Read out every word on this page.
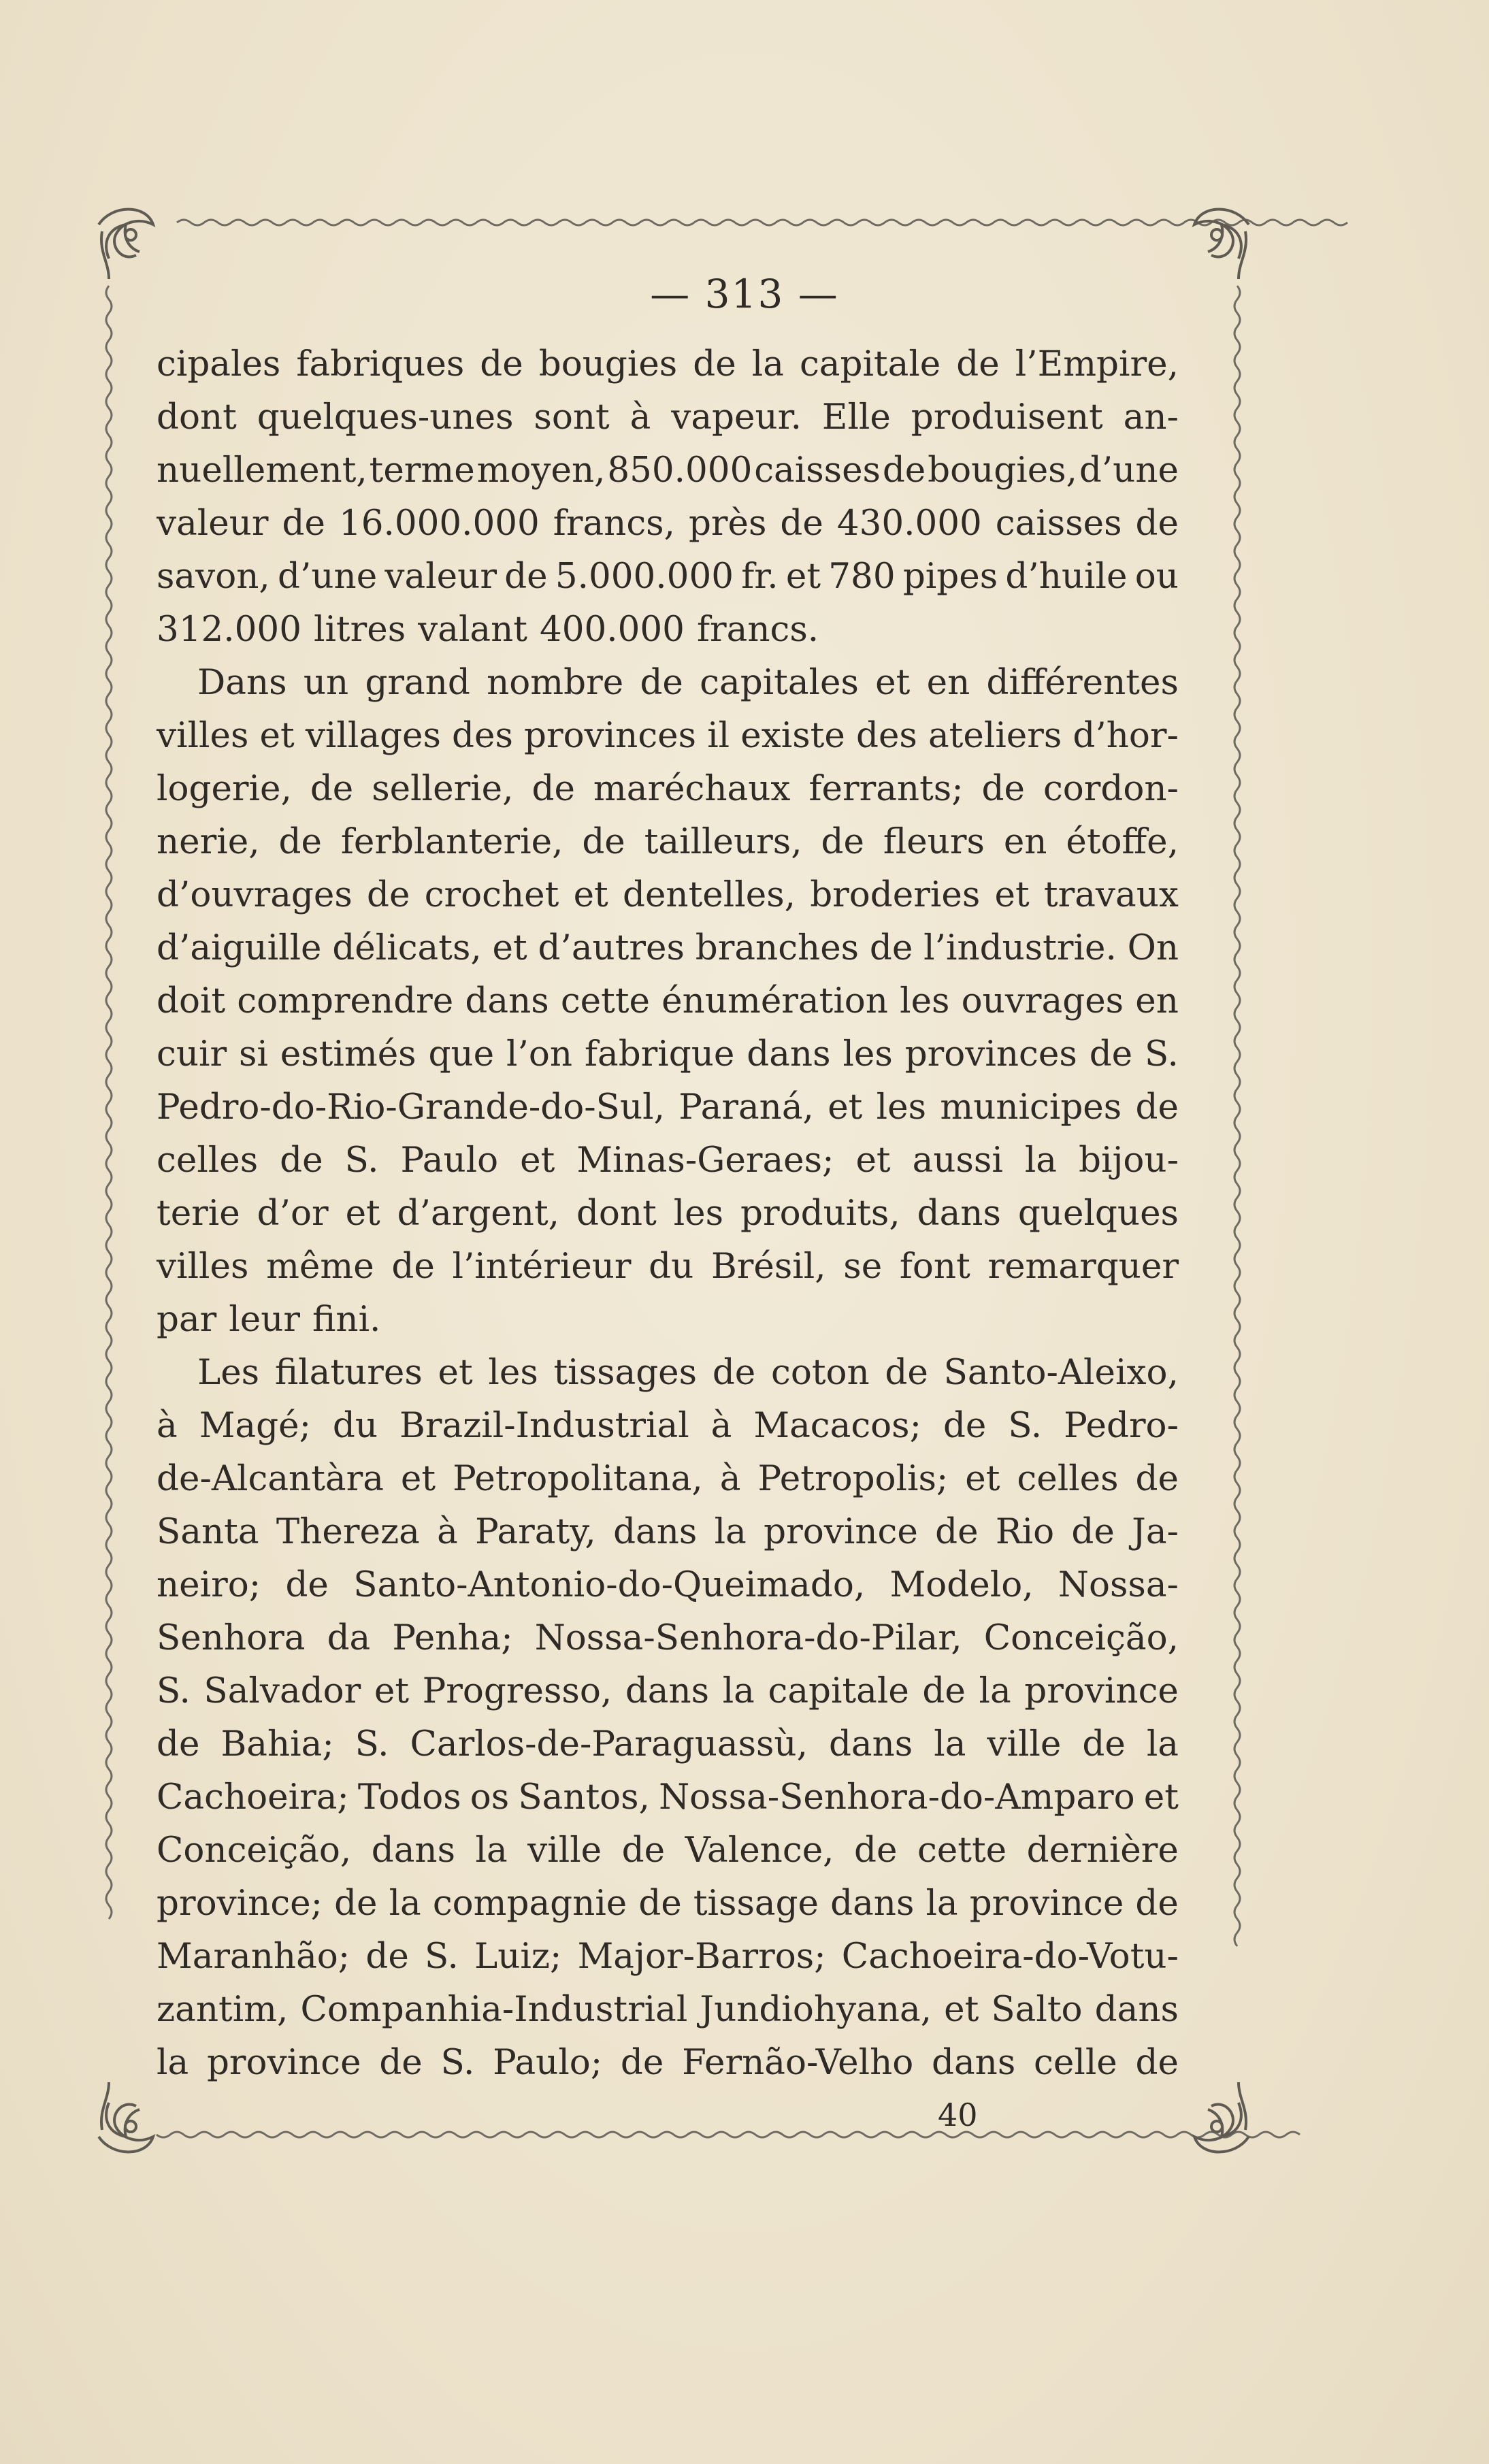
— 313 —
cipales fabriques de bougies de la capitale de l’Empire,
dont quelques-unes sont à vapeur. Elle produisent an-
nuellement, terme moyen, 850.000 caisses de bougies, d’une
valeur de 16.000.000 francs, près de 430.000 caisses de
savon, d’une valeur de 5.000.000 fr. et 780 pipes d’huile ou
312.000 litres valant 400.000 francs.
Dans un grand nombre de capitales et en différentes
villes et villages des provinces il existe des ateliers d’hor-
logerie, de sellerie, de maréchaux ferrants; de cordon-
nerie, de ferblanterie, de tailleurs, de fleurs en étoffe,
d’ouvrages de crochet et dentelles, broderies et travaux
d’aiguille délicats, et d’autres branches de l’industrie. On
doit comprendre dans cette énumération les ouvrages en
cuir si estimés que l’on fabrique dans les provinces de S.
Pedro-do-Rio-Grande-do-Sul, Paraná, et les municipes de
celles de S. Paulo et Minas-Geraes; et aussi la bijou-
terie d’or et d’argent, dont les produits, dans quelques
villes même de l’intérieur du Brésil, se font remarquer
par leur fini.
Les filatures et les tissages de coton de Santo-Aleixo,
à Magé; du Brazil-Industrial à Macacos; de S. Pedro-
de-Alcantàra et Petropolitana, à Petropolis; et celles de
Santa Thereza à Paraty, dans la province de Rio de Ja-
neiro; de Santo-Antonio-do-Queimado, Modelo, Nossa-
Senhora da Penha; Nossa-Senhora-do-Pilar, Conceição,
S. Salvador et Progresso, dans la capitale de la province
de Bahia; S. Carlos-de-Paraguassù, dans la ville de la
Cachoeira; Todos os Santos, Nossa-Senhora-do-Amparo et
Conceição, dans la ville de Valence, de cette dernière
province; de la compagnie de tissage dans la province de
Maranhão; de S. Luiz; Major-Barros; Cachoeira-do-Votu-
zantim, Companhia-Industrial Jundiohyana, et Salto dans
la province de S. Paulo; de Fernão-Velho dans celle de
40
